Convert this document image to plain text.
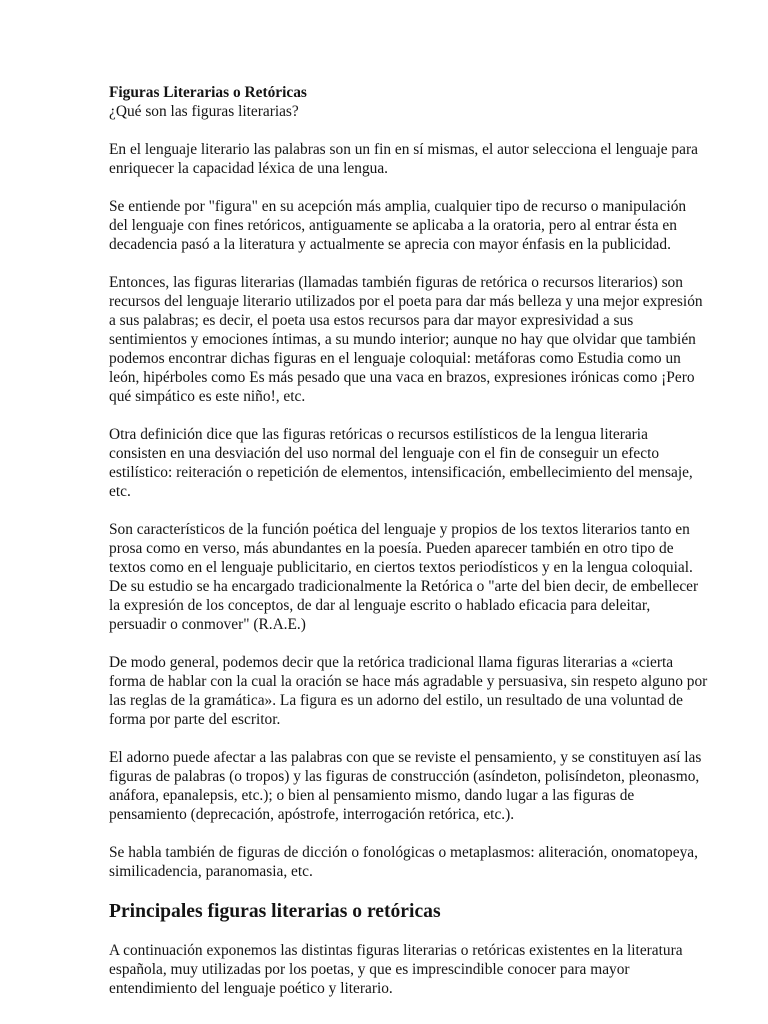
Figuras Literarias o Retóricas

¿Qué son las figuras literarias?

En el lenguaje literario las palabras son un fin en sí mismas, el autor selecciona el lenguaje para enriquecer la capacidad léxica de una lengua.

Se entiende por "figura" en su acepción más amplia, cualquier tipo de recurso o manipulación del lenguaje con fines retóricos, antiguamente se aplicaba a la oratoria, pero al entrar ésta en decadencia pasó a la literatura y actualmente se aprecia con mayor énfasis en la publicidad.

Entonces, las figuras literarias (llamadas también figuras de retórica o recursos literarios) son recursos del lenguaje literario utilizados por el poeta para dar más belleza y una mejor expresión a sus palabras; es decir, el poeta usa estos recursos para dar mayor expresividad a sus sentimientos y emociones íntimas, a su mundo interior; aunque no hay que olvidar que también podemos encontrar dichas figuras en el lenguaje coloquial: metáforas como Estudia como un león, hipérboles como Es más pesado que una vaca en brazos, expresiones irónicas como ¡Pero qué simpático es este niño!, etc.

Otra definición dice que las figuras retóricas o recursos estilísticos de la lengua literaria consisten en una desviación del uso normal del lenguaje con el fin de conseguir un efecto estilístico: reiteración o repetición de elementos, intensificación, embellecimiento del mensaje, etc.

Son característicos de la función poética del lenguaje y propios de los textos literarios tanto en prosa como en verso, más abundantes en la poesía. Pueden aparecer también en otro tipo de textos como en el lenguaje publicitario, en ciertos textos periodísticos y en la lengua coloquial. De su estudio se ha encargado tradicionalmente la Retórica o "arte del bien decir, de embellecer la expresión de los conceptos, de dar al lenguaje escrito o hablado eficacia para deleitar, persuadir o conmover" (R.A.E.)

De modo general, podemos decir que la retórica tradicional llama figuras literarias a «cierta forma de hablar con la cual la oración se hace más agradable y persuasiva, sin respeto alguno por las reglas de la gramática». La figura es un adorno del estilo, un resultado de una voluntad de forma por parte del escritor.

El adorno puede afectar a las palabras con que se reviste el pensamiento, y se constituyen así las figuras de palabras (o tropos) y las figuras de construcción (asíndeton, polisíndeton, pleonasmo, anáfora, epanalepsis, etc.); o bien al pensamiento mismo, dando lugar a las figuras de pensamiento (deprecación, apóstrofe, interrogación retórica, etc.).

Se habla también de figuras de dicción o fonológicas o metaplasmos: aliteración, onomatopeya, similicadencia, paranomasia, etc.

Principales figuras literarias o retóricas

A continuación exponemos las distintas figuras literarias o retóricas existentes en la literatura española, muy utilizadas por los poetas, y que es imprescindible conocer para mayor entendimiento del lenguaje poético y literario.
